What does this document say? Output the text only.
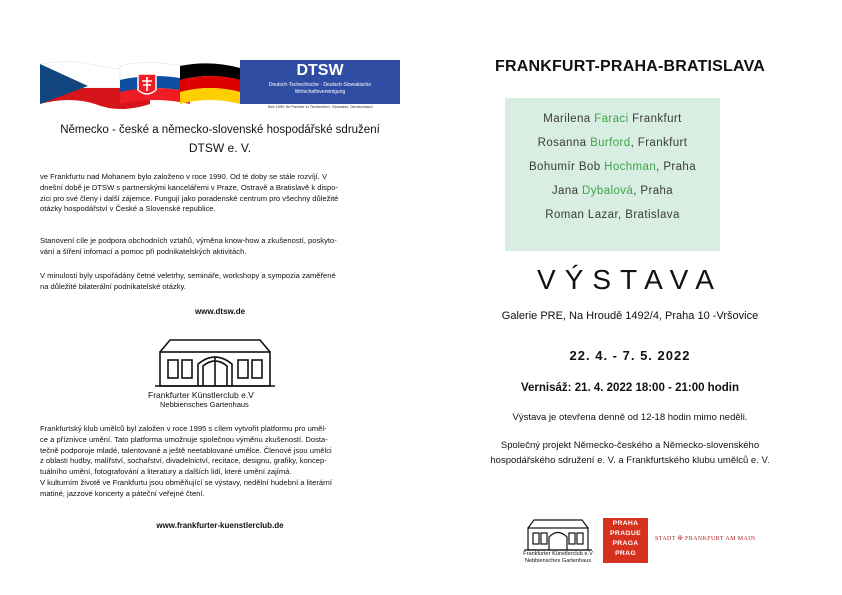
DTSW
Deutsch-Tschechische · Deutsch-Slowakische
Wirtschaftsvereinigung
Seit 1990 Ihr Partner in Tschechien, Slowakei, Deutschland
Německo - české a německo-slovenské hospodářské sdružení
DTSW e. V.
ve Frankfurtu nad Mohanem bylo založeno v roce 1990. Od té doby se stále rozvíjí. V
dnešní době je DTSW s partnerskými kancelářemi v Praze, Ostravě a Bratislavě k dispo-
zici pro své členy i další zájemce. Fungují jako poradenské centrum pro všechny důležité
otázky hospodářství v České a Slovenské republice.
Stanovení cíle je podpora obchodních vztahů, výměna know-how a zkušeností, poskyto-
vání a šíření infomací a pomoc při podnikatelských aktivitách.
V minulosti byly uspořádány četné veletrhy, semináře, workshopy a sympozia zaměřené
na důležité bilaterální podnikatelské otázky.
www.dtsw.de
Frankfurter Künstlerclub e.V
Nebbiensches Gartenhaus
Frankfurtský klub umělců byl založen v roce 1995 s cílem vytvořit platformu pro uměl-
ce a příznivce umění. Tato platforma umožnuje společnou výměnu zkušeností. Dosta-
tečně podporuje mladé, talentované a ještě neetablované umělce. Členové jsou umělci
z oblasti hudby, malířství, sochařství, divadelnictví, recitace, designu, grafiky, koncep-
tuálního umění, fotografování a literatury a dalších lidí, které umění zajímá.
V kulturním životě ve Frankfurtu jsou obměňující se výstavy, nedělní hudební a literární
matiné, jazzové koncerty a páteční veřejné čtení.
www.frankfurter-kuenstlerclub.de
FRANKFURT-PRAHA-BRATISLAVA
Marilena Faraci Frankfurt
Rosanna Burford, Frankfurt
Bohumír Bob Hochman, Praha
Jana Dybalová, Praha
Roman Lazar, Bratislava
VÝSTAVA
Galerie PRE, Na Hroudě 1492/4, Praha 10 -Vršovice
22. 4. - 7. 5. 2022
Vernisáž: 21. 4. 2022 18:00 - 21:00 hodin
Výstava je otevřena denně od 12-18 hodin mimo neděli.
Společný projekt Německo-českého a Německo-slovenského
hospodářského sdružení e. V. a Frankfurtského klubu umělců e. V.
Frankfurter Künstlerclub e.V
Nebbiensches Gartenhaus
PRAHA
PRAGUE
PRAGA
PRAG
STADT ✠ FRANKFURT AM MAIN
